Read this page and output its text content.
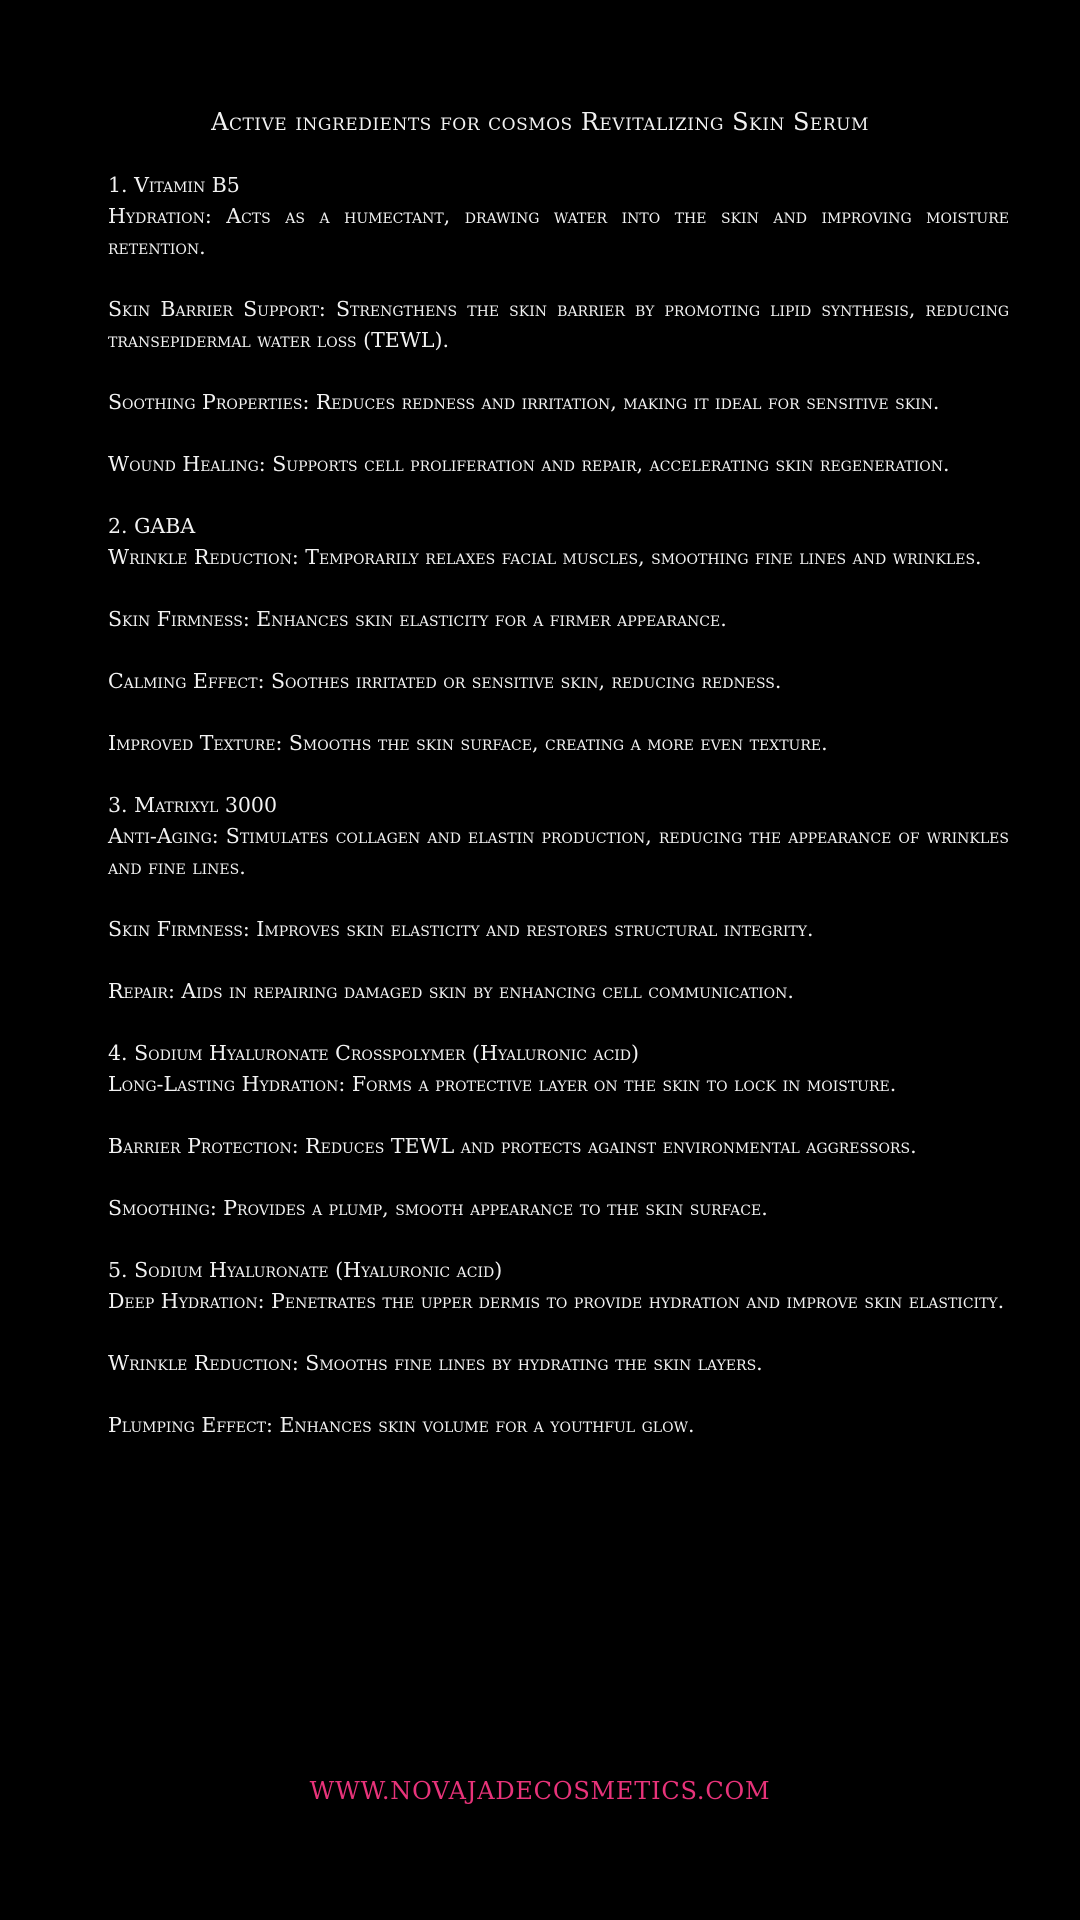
Active ingredients for cosmos Revitalizing Skin Serum
1. Vitamin B5
Hydration: Acts as a humectant, drawing water into the skin and improving moisture retention.
Skin Barrier Support: Strengthens the skin barrier by promoting lipid synthesis, reducing transepidermal water loss (TEWL).
Soothing Properties: Reduces redness and irritation, making it ideal for sensitive skin.
Wound Healing: Supports cell proliferation and repair, accelerating skin regeneration.
2. GABA
Wrinkle Reduction: Temporarily relaxes facial muscles, smoothing fine lines and wrinkles.
Skin Firmness: Enhances skin elasticity for a firmer appearance.
Calming Effect: Soothes irritated or sensitive skin, reducing redness.
Improved Texture: Smooths the skin surface, creating a more even texture.
3. Matrixyl 3000
Anti-Aging: Stimulates collagen and elastin production, reducing the appearance of wrinkles and fine lines.
Skin Firmness: Improves skin elasticity and restores structural integrity.
Repair: Aids in repairing damaged skin by enhancing cell communication.
4. Sodium Hyaluronate Crosspolymer (Hyaluronic acid)
Long-Lasting Hydration: Forms a protective layer on the skin to lock in moisture.
Barrier Protection: Reduces TEWL and protects against environmental aggressors.
Smoothing: Provides a plump, smooth appearance to the skin surface.
5. Sodium Hyaluronate (Hyaluronic acid)
Deep Hydration: Penetrates the upper dermis to provide hydration and improve skin elasticity.
Wrinkle Reduction: Smooths fine lines by hydrating the skin layers.
Plumping Effect: Enhances skin volume for a youthful glow.
WWW.NOVAJADECOSMETICS.COM
